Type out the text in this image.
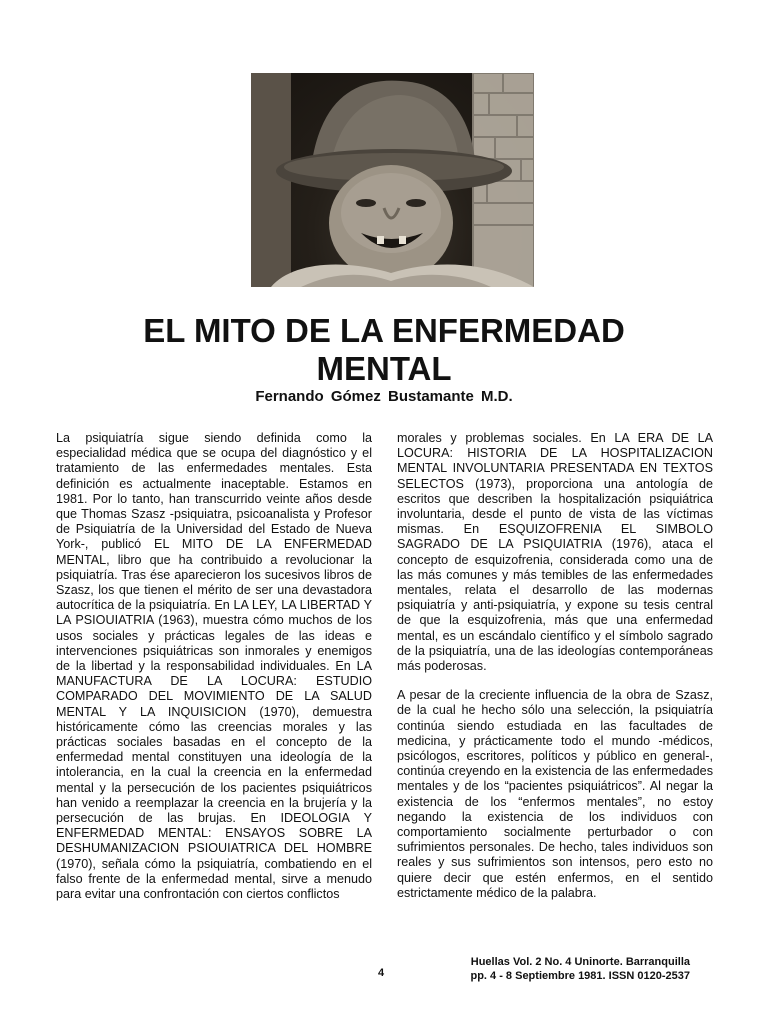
EL MITO DE LA ENFERMEDAD MENTAL
Fernando Gómez Bustamante M.D.

La psiquiatría sigue siendo definida como la especialidad médica que se ocupa del diagnóstico y el tratamiento de las enfermedades mentales. Esta definición es actualmente inaceptable. Estamos en 1981. Por lo tanto, han transcurrido veinte años desde que Thomas Szasz -psiquiatra, psicoanalista y Profesor de Psiquiatría de la Universidad del Estado de Nueva York-, publicó EL MITO DE LA ENFERMEDAD MENTAL, libro que ha contribuido a revolucionar la psiquiatría. Tras ése aparecieron los sucesivos libros de Szasz, los que tienen el mérito de ser una devastadora autocrítica de la psiquiatría. En LA LEY, LA LIBERTAD Y LA PSIOUIATRIA (1963), muestra cómo muchos de los usos sociales y prácticas legales de las ideas e intervenciones psiquiátricas son inmorales y enemigos de la libertad y la responsabilidad individuales. En LA MANUFACTURA DE LA LOCURA: ESTUDIO COMPARADO DEL MOVIMIENTO DE LA SALUD MENTAL Y LA INQUISICION (1970), demuestra históricamente cómo las creencias morales y las prácticas sociales basadas en el concepto de la enfermedad mental constituyen una ideología de la intolerancia, en la cual la creencia en la enfermedad mental y la persecución de los pacientes psiquiátricos han venido a reemplazar la creencia en la brujería y la persecución de las brujas. En IDEOLOGIA Y ENFERMEDAD MENTAL: ENSAYOS SOBRE LA DESHUMANIZACION PSIOUIATRICA DEL HOMBRE (1970), señala cómo la psiquiatría, combatiendo en el falso frente de la enfermedad mental, sirve a menudo para evitar una confrontación con ciertos conflictos

morales y problemas sociales. En LA ERA DE LA LOCURA: HISTORIA DE LA HOSPITALIZACION MENTAL INVOLUNTARIA PRESENTADA EN TEXTOS SELECTOS (1973), proporciona una antología de escritos que describen la hospitalización psiquiátrica involuntaria, desde el punto de vista de las víctimas mismas. En ESQUIZOFRENIA EL SIMBOLO SAGRADO DE LA PSIQUIATRIA (1976), ataca el concepto de esquizofrenia, considerada como una de las más comunes y más temibles de las enfermedades mentales, relata el desarrollo de las modernas psiquiatría y anti-psiquiatría, y expone su tesis central de que la esquizofrenia, más que una enfermedad mental, es un escándalo científico y el símbolo sagrado de la psiquiatría, una de las ideologías contemporáneas más poderosas.

A pesar de la creciente influencia de la obra de Szasz, de la cual he hecho sólo una selección, la psiquiatría continúa siendo estudiada en las facultades de medicina, y prácticamente todo el mundo -médicos, psicólogos, escritores, políticos y público en general-, continúa creyendo en la existencia de las enfermedades mentales y de los “pacientes psiquiátricos”. Al negar la existencia de los “enfermos mentales”, no estoy negando la existencia de los individuos con comportamiento socialmente perturbador o con sufrimientos personales. De hecho, tales individuos son reales y sus sufrimientos son intensos, pero esto no quiere decir que estén enfermos, en el sentido estrictamente médico de la palabra.

4
Huellas Vol. 2 No. 4 Uninorte. Barranquilla
pp. 4 - 8 Septiembre 1981. ISSN 0120-2537
